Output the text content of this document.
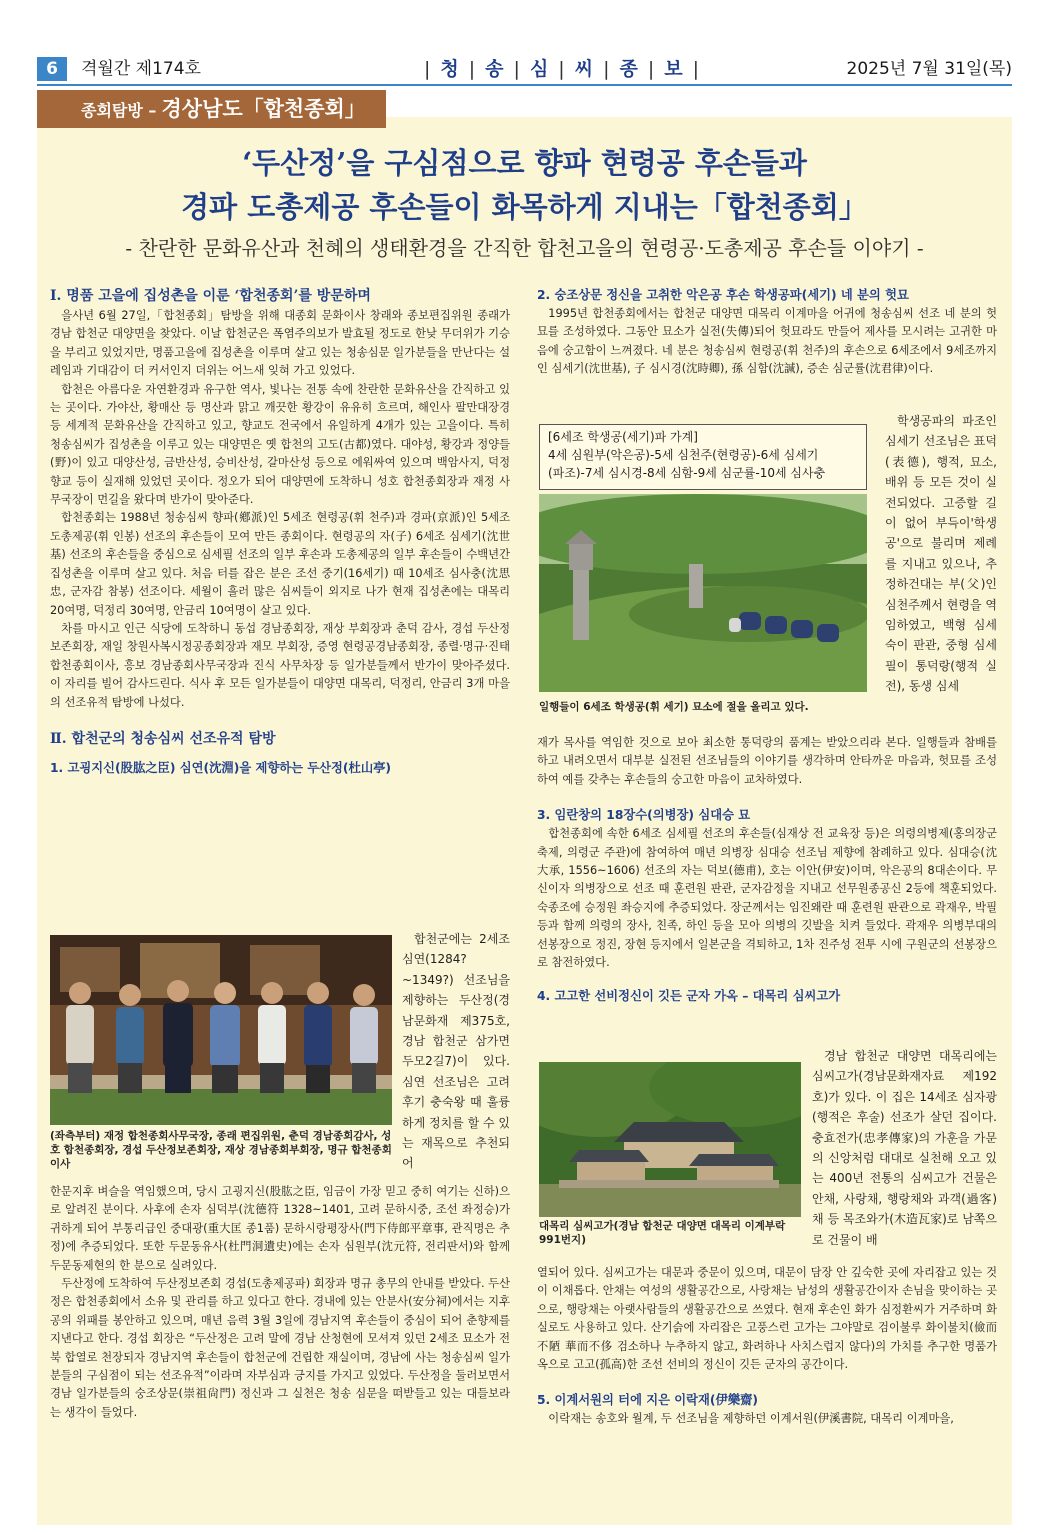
6	격월간 제174호	| 청 | 송 | 심 | 씨 | 종 | 보 |	2025년 7월 31일(목)
종회탐방 – 경상남도「합천종회」
‘두산정’을 구심점으로 향파 현령공 후손들과
경파 도총제공 후손들이 화목하게 지내는「합천종회」
- 찬란한 문화유산과 천혜의 생태환경을 간직한 합천고을의 현령공·도총제공 후손들 이야기 -
Ⅰ. 명품 고을에 집성촌을 이룬 ‘합천종회’를 방문하며

을사년 6월 27일,「합천종회」탐방을 위해 대종회 문화이사 창래와 종보편집위원 종래가 경남 합천군 대양면을 찾았다. 이날 합천군은 폭염주의보가 발효될 정도로 한낮 무더위가 기승을 부리고 있었지만, 명품고을에 집성촌을 이루며 살고 있는 청송심문 일가분들을 만난다는 설레임과 기대감이 더 커서인지 더위는 어느새 잊혀 가고 있었다.

합천은 아름다운 자연환경과 유구한 역사, 빛나는 전통 속에 찬란한 문화유산을 간직하고 있는 곳이다. 가야산, 황매산 등 명산과 맑고 깨끗한 황강이 유유히 흐르며, 해인사 팔만대장경 등 세계적 문화유산을 간직하고 있고, 향교도 전국에서 유일하게 4개가 있는 고을이다. 특히 청송심씨가 집성촌을 이루고 있는 대양면은 옛 합천의 고도(古都)였다. 대야성, 황강과 정양들(野)이 있고 대양산성, 금반산성, 승비산성, 갈마산성 등으로 에워싸여 있으며 백암사지, 덕정향교 등이 실재해 있었던 곳이다. 정오가 되어 대양면에 도착하니 성호 합천종회장과 재정 사무국장이 먼길을 왔다며 반가이 맞아준다.

합천종회는 1988년 청송심씨 향파(鄕派)인 5세조 현령공(휘 천주)과 경파(京派)인 5세조 도총제공(휘 인봉) 선조의 후손들이 모여 만든 종회이다. 현령공의 자(子) 6세조 심세기(沈世基) 선조의 후손들을 중심으로 심세필 선조의 일부 후손과 도총제공의 일부 후손들이 수백년간 집성촌을 이루며 살고 있다. 처음 터를 잡은 분은 조선 중기(16세기) 때 10세조 심사충(沈思忠, 군자감 참봉) 선조이다. 세월이 흘러 많은 심씨들이 외지로 나가 현재 집성촌에는 대목리 20여명, 덕정리 30여명, 안금리 10여명이 살고 있다.

차를 마시고 인근 식당에 도착하니 동섭 경남종회장, 재상 부회장과 춘덕 감사, 경섭 두산정보존회장, 재일 창원사복시정공종회장과 재모 부회장, 증영 현령공경남종회장, 종렬·명규·진태 합천종회이사, 흥보 경남종회사무국장과 진식 사무차장 등 일가분들께서 반가이 맞아주셨다. 이 자리를 빌어 감사드린다. 식사 후 모든 일가분들이 대양면 대목리, 덕정리, 안금리 3개 마을의 선조유적 탐방에 나섰다.

Ⅱ. 합천군의 청송심씨 선조유적 탐방
1. 고굉지신(股肱之臣) 심연(沈淵)을 제향하는 두산정(杜山亭)
(좌측부터) 재정 합천종회사무국장, 종래 편집위원, 춘덕 경남종회감사, 성호 합천종회장, 경섭 두산정보존회장, 재상 경남종회부회장, 명규 합천종회이사

합천군에는 2세조 심연(1284?~1349?) 선조님을 제향하는 두산정(경남문화재 제375호, 경남 합천군 삼가면 두모2길7)이 있다. 심연 선조님은 고려 후기 충숙왕 때 훌륭하게 정치를 할 수 있는 재목으로 추천되어

한문지후 벼슬을 역임했으며, 당시 고굉지신(股肱之臣, 임금이 가장 믿고 중히 여기는 신하)으로 알려진 분이다. 사후에 손자 심덕부(沈德符 1328~1401, 고려 문하시중, 조선 좌정승)가 귀하게 되어 부통리급인 중대광(重大匡 종1품) 문하시랑평장사(門下侍郎平章事, 관직명은 추정)에 추증되었다. 또한 두문동유사(杜門洞遺史)에는 손자 심원부(沈元符, 전리판서)와 함께 두문동제현의 한 분으로 실려있다.

두산정에 도착하여 두산정보존회 경섭(도총제공파) 회장과 명규 총무의 안내를 받았다. 두산정은 합천종회에서 소유 및 관리를 하고 있다고 한다. 경내에 있는 안분사(安分祠)에서는 지후공의 위패를 봉안하고 있으며, 매년 음력 3월 3일에 경남지역 후손들이 중심이 되어 춘향제를 지낸다고 한다. 경섭 회장은 “두산정은 고려 말에 경남 산청현에 모셔져 있던 2세조 묘소가 전북 합열로 천장되자 경남지역 후손들이 합천군에 건립한 재실이며, 경남에 사는 청송심씨 일가분들의 구심점이 되는 선조유적”이라며 자부심과 긍지를 가지고 있었다. 두산정을 둘러보면서 경남 일가분들의 숭조상문(崇祖尙門) 정신과 그 실천은 청송 심문을 떠받들고 있는 대들보라는 생각이 들었다.

2. 숭조상문 정신을 고취한 악은공 후손 학생공파(세기) 네 분의 헛묘

1995년 합천종회에서는 합천군 대양면 대목리 이계마을 어귀에 청송심씨 선조 네 분의 헛묘를 조성하였다. 그동안 묘소가 실전(失傳)되어 헛묘라도 만들어 제사를 모시려는 고귀한 마음에 숭고함이 느껴졌다. 네 분은 청송심씨 현령공(휘 천주)의 후손으로 6세조에서 9세조까지인 심세기(沈世基), 子 심시경(沈時卿), 孫 심함(沈諴), 증손 심군률(沈君律)이다.

[6세조 학생공(세기)파 가계]
4세 심원부(악은공)-5세 심천주(현령공)-6세 심세기
(파조)-7세 심시경-8세 심함-9세 심군률-10세 심사충
일행들이 6세조 학생공(휘 세기) 묘소에 절을 올리고 있다.

학생공파의 파조인 심세기 선조님은 표덕(表德), 행적, 묘소, 배위 등 모든 것이 실전되었다. 고증할 길이 없어 부득이'학생공'으로 불리며 제례를 지내고 있으나, 추정하건대는 부(父)인 심천주께서 현령을 역임하였고, 백형 심세숙이 판관, 중형 심세필이 통덕랑(행적 실전), 동생 심세

재가 목사를 역임한 것으로 보아 최소한 통덕랑의 품계는 받았으리라 본다. 일행들과 참배를 하고 내려오면서 대부분 실전된 선조님들의 이야기를 생각하며 안타까운 마음과, 헛묘를 조성하여 예를 갖추는 후손들의 숭고한 마음이 교차하였다.

3. 임란창의 18장수(의병장) 심대승 묘

합천종회에 속한 6세조 심세필 선조의 후손들(심재상 전 교육장 등)은 의령의병제(홍의장군 축제, 의령군 주관)에 참여하여 매년 의병장 심대승 선조님 제향에 참례하고 있다. 심대승(沈大承, 1556~1606) 선조의 자는 덕보(德甫), 호는 이안(伊安)이며, 악은공의 8대손이다. 무신이자 의병장으로 선조 때 훈련원 판관, 군자감정을 지내고 선무원종공신 2등에 책훈되었다. 숙종조에 승정원 좌승지에 추증되었다. 장군께서는 임진왜란 때 훈련원 판관으로 곽재우, 박필 등과 함께 의령의 장사, 친족, 하인 등을 모아 의병의 깃발을 치켜 들었다. 곽재우 의병부대의 선봉장으로 정진, 장현 등지에서 일본군을 격퇴하고, 1차 진주성 전투 시에 구원군의 선봉장으로 참전하였다.

4. 고고한 선비정신이 깃든 군자 가옥 – 대목리 심씨고가
대목리 심씨고가(경남 합천군 대양면 대목리 이계부락 991번지)

경남 합천군 대양면 대목리에는 심씨고가(경남문화재자료 제192호)가 있다. 이 집은 14세조 심자광(행적은 후술) 선조가 살던 집이다. 충효전가(忠孝傳家)의 가훈을 가문의 신앙처럼 대대로 실천해 오고 있는 400년 전통의 심씨고가 건물은 안채, 사랑채, 행랑채와 과객(過客)채 등 목조와가(木造瓦家)로 남쪽으로 건물이 배

열되어 있다. 심씨고가는 대문과 중문이 있으며, 대문이 담장 안 깊숙한 곳에 자리잡고 있는 것이 이채롭다. 안채는 여성의 생활공간으로, 사랑채는 남성의 생활공간이자 손님을 맞이하는 곳으로, 행랑채는 아랫사람들의 생활공간으로 쓰였다. 현재 후손인 화가 심정환씨가 거주하며 화실로도 사용하고 있다. 산기슭에 자리잡은 고풍스런 고가는 그야말로 검이불루 화이불치(儉而不陋 華而不侈 검소하나 누추하지 않고, 화려하나 사치스럽지 않다)의 가치를 추구한 명품가옥으로 고고(孤高)한 조선 선비의 정신이 깃든 군자의 공간이다.

5. 이계서원의 터에 지은 이락재(伊樂齋)

이락재는 송호와 월계, 두 선조님을 제향하던 이계서원(伊溪書院, 대목리 이계마을,
